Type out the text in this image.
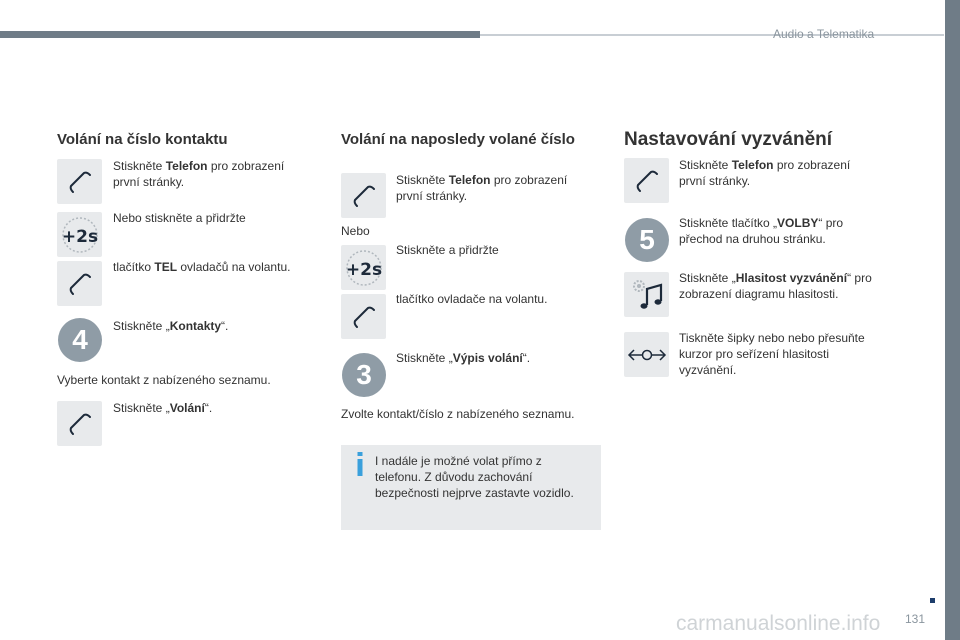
Audio a Telematika
Volání na číslo kontaktu
Stiskněte Telefon pro zobrazení první stránky.
+2s
Nebo stiskněte a přidržte
tlačítko TEL ovladačů na volantu.
4	Stiskněte „Kontakty“.
Vyberte kontakt z nabízeného seznamu.
Stiskněte „Volání“.
Volání na naposledy volané číslo
Stiskněte Telefon pro zobrazení první stránky.
Nebo
+2s
Stiskněte a přidržte
tlačítko ovladače na volantu.
3
Stiskněte „Výpis volání“.
Zvolte kontakt/číslo z nabízeného seznamu.
I nadále je možné volat přímo z telefonu. Z důvodu zachování bezpečnosti nejprve zastavte vozidlo.
Nastavování vyzvánění
Stiskněte Telefon pro zobrazení první stránky.
5
Stiskněte tlačítko „VOLBY“ pro přechod na druhou stránku.
Stiskněte „Hlasitost vyzvánění“ pro zobrazení diagramu hlasitosti.
Tiskněte šipky nebo nebo přesuňte kurzor pro seřízení hlasitosti vyzvánění.
carmanualsonline.info 131
